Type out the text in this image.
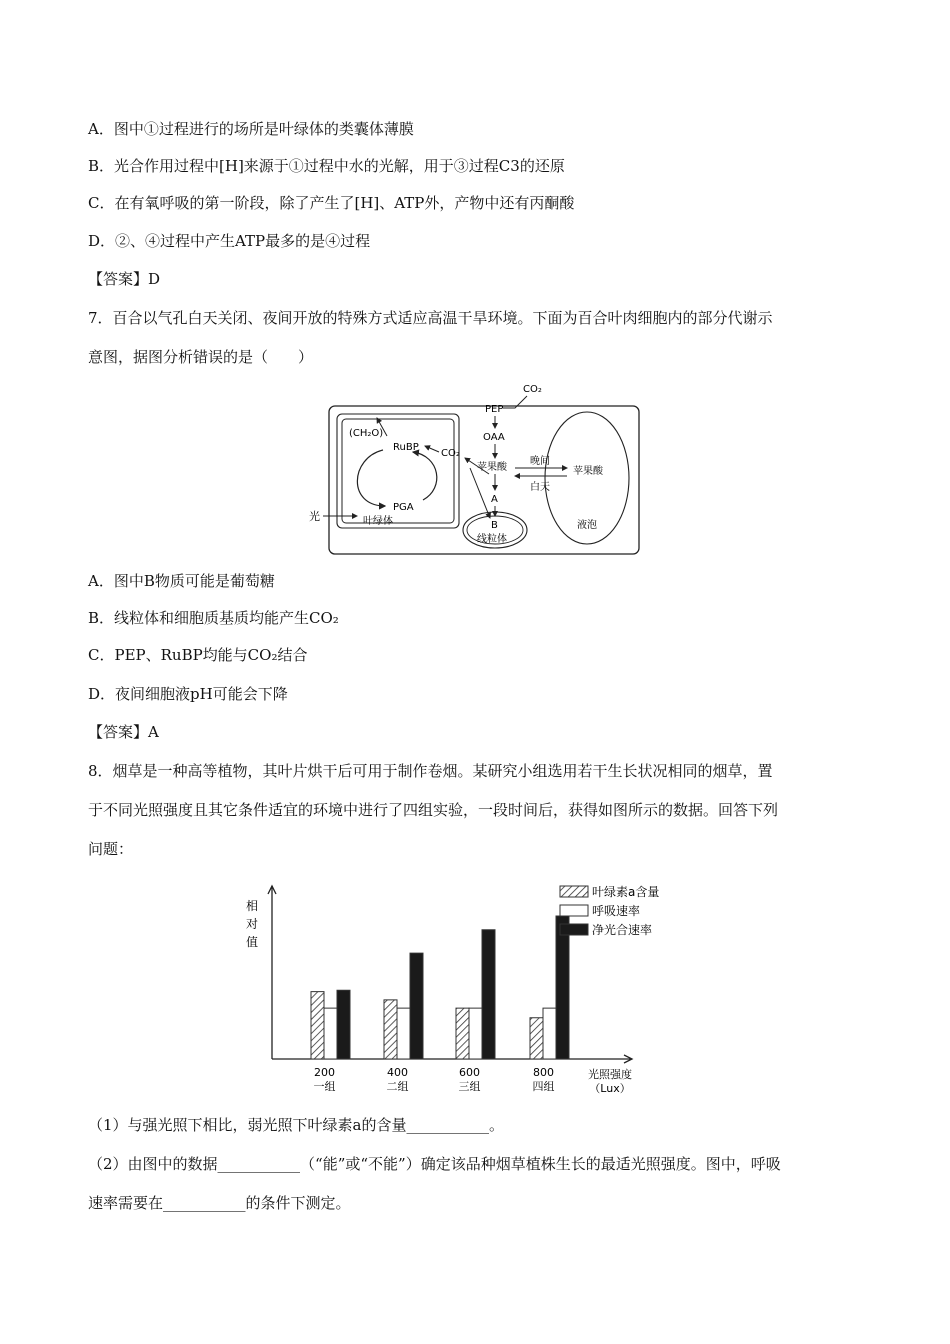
A．图中①过程进行的场所是叶绿体的类囊体薄膜
B．光合作用过程中[H]来源于①过程中水的光解，用于③过程C3的还原
C．在有氧呼吸的第一阶段，除了产生了[H]、ATP外，产物中还有丙酮酸
D．②、④过程中产生ATP最多的是④过程
【答案】D
7．百合以气孔白天关闭、夜间开放的特殊方式适应高温干旱环境。下面为百合叶肉细胞内的部分代谢示
意图，据图分析错误的是（　　）
(CH₂O)
RuBP
PGA
叶绿体
光
CO₂
CO₂
PEP
OAA
苹果酸
晚间
白天
苹果酸
液泡
A
B
线粒体
A．图中B物质可能是葡萄糖
B．线粒体和细胞质基质均能产生CO₂
C．PEP、RuBP均能与CO₂结合
D．夜间细胞液pH可能会下降
【答案】A
8．烟草是一种高等植物，其叶片烘干后可用于制作卷烟。某研究小组选用若干生长状况相同的烟草，置
于不同光照强度且其它条件适宜的环境中进行了四组实验，一段时间后，获得如图所示的数据。回答下列
问题：
相
对
值
光照强度
（Lux）
200
一组
400
二组
600
三组
800
四组
叶绿素a含量
呼吸速率
净光合速率
（1）与强光照下相比，弱光照下叶绿素a的含量___________。
（2）由图中的数据___________（“能”或“不能”）确定该品种烟草植株生长的最适光照强度。图中，呼吸
速率需要在___________的条件下测定。
